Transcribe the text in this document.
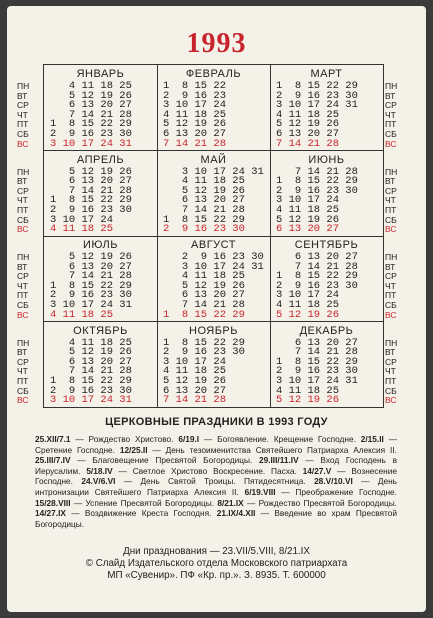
1993
ЯНВАРЬ
4 11 18 25
5 12 19 26
6 13 20 27
7 14 21 28
1  8 15 22 29
2  9 16 23 30
3 10 17 24 31
ФЕВРАЛЬ
1  8 15 22
2  9 16 23
3 10 17 24
4 11 18 25
5 12 19 26
6 13 20 27
7 14 21 28
МАРТ
1  8 15 22 29
2  9 16 23 30
3 10 17 24 31
4 11 18 25
5 12 19 26
6 13 20 27
7 14 21 28
АПРЕЛЬ
5 12 19 26
6 13 20 27
7 14 21 28
1  8 15 22 29
2  9 16 23 30
3 10 17 24
4 11 18 25
МАЙ
3 10 17 24 31
4 11 18 25
5 12 19 26
6 13 20 27
7 14 21 28
1  8 15 22 29
2  9 16 23 30
ИЮНЬ
7 14 21 28
1  8 15 22 29
2  9 16 23 30
3 10 17 24
4 11 18 25
5 12 19 26
6 13 20 27
ИЮЛЬ
5 12 19 26
6 13 20 27
7 14 21 28
1  8 15 22 29
2  9 16 23 30
3 10 17 24 31
4 11 18 25
АВГУСТ
2  9 16 23 30
3 10 17 24 31
4 11 18 25
5 12 19 26
6 13 20 27
7 14 21 28
1  8 15 22 29
СЕНТЯБРЬ
6 13 20 27
7 14 21 28
1  8 15 22 29
2  9 16 23 30
3 10 17 24
4 11 18 25
5 12 19 26
ОКТЯБРЬ
4 11 18 25
5 12 19 26
6 13 20 27
7 14 21 28
1  8 15 22 29
2  9 16 23 30
3 10 17 24 31
НОЯБРЬ
1  8 15 22 29
2  9 16 23 30
3 10 17 24
4 11 18 25
5 12 19 26
6 13 20 27
7 14 21 28
ДЕКАБРЬ
6 13 20 27
7 14 21 28
1  8 15 22 29
2  9 16 23 30
3 10 17 24 31
4 11 18 25
5 12 19 26
ПН
ВТ
СР
ЧТ
ПТ
СБ
ВС
ПН
ВТ
СР
ЧТ
ПТ
СБ
ВС
ПН
ВТ
СР
ЧТ
ПТ
СБ
ВС
ПН
ВТ
СР
ЧТ
ПТ
СБ
ВС
ПН
ВТ
СР
ЧТ
ПТ
СБ
ВС
ПН
ВТ
СР
ЧТ
ПТ
СБ
ВС
ПН
ВТ
СР
ЧТ
ПТ
СБ
ВС
ПН
ВТ
СР
ЧТ
ПТ
СБ
ВС
ЦЕРКОВНЫЕ ПРАЗДНИКИ В 1993 ГОДУ
25.XII/7.1 — Рождество Христово. 6/19.I — Богоявление. Крещение Господне. 2/15.II — Сретение Господне. 12/25.II — День тезоименитства Святейшего Патриарха Алексия II. 25.III/7.IV — Благовещение Пресвятой Богородицы. 29.III/11.IV — Вход Господень в Иерусалим. 5/18.IV — Светлое Христово Воскресение. Пасха. 14/27.V — Вознесение Господне. 24.V/6.VI — День Святой Троицы. Пятидесятница. 28.V/10.VI — День интронизации Святейшего Патриарха Алексия II. 6/19.VIII — Преображение Господне. 15/28.VIII — Успение Пресвятой Богородицы. 8/21.IX — Рождество Пресвятой Богородицы. 14/27.IX — Воздвижение Креста Господня. 21.IX/4.XII — Введение во храм Пресвятой Богородицы.
Дни празднования — 23.VII/5.VIII, 8/21.IX
© Слайд Издательского отдела Московского патриархата
МП «Сувенир». ПФ «Кр. пр.». З. 8935. Т. 600000
